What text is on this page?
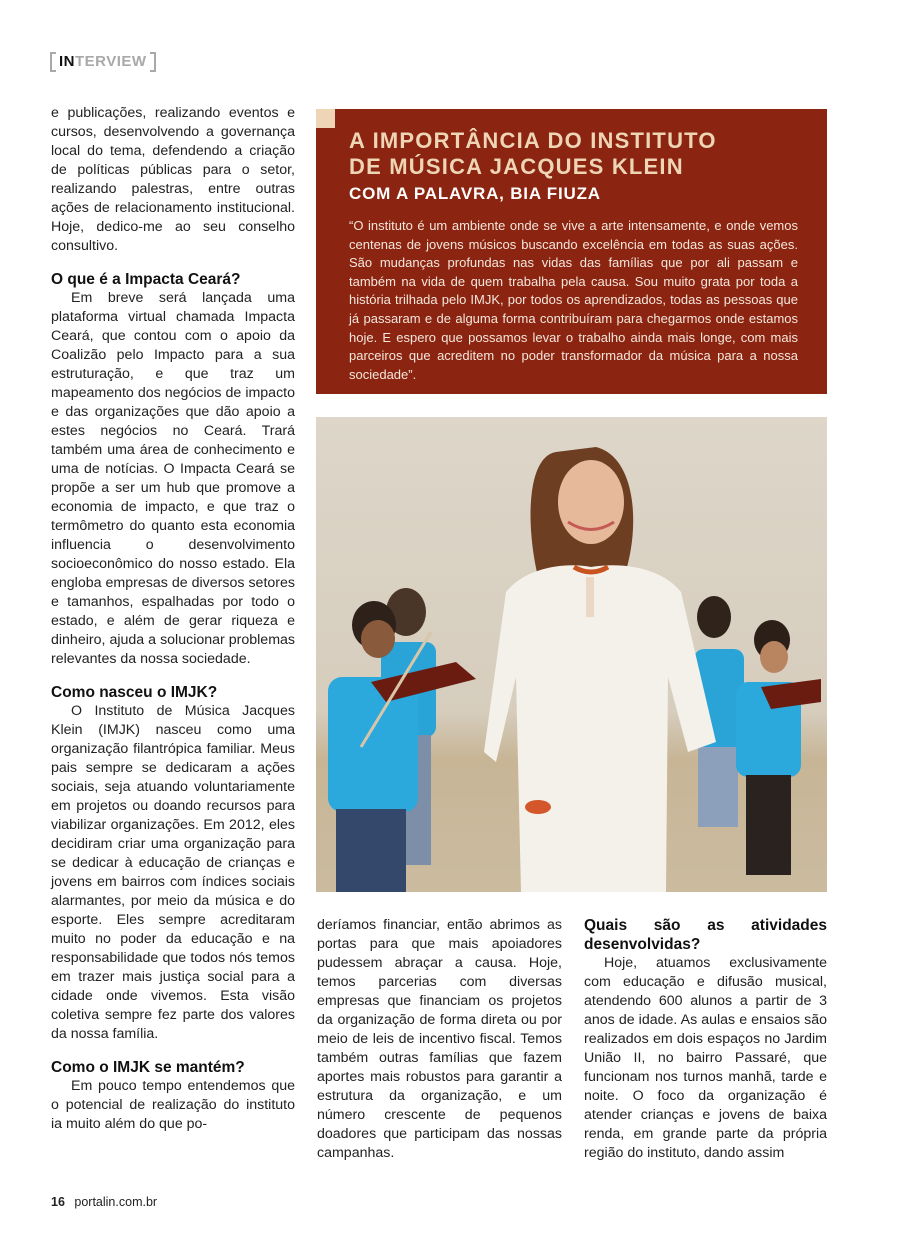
INTERVIEW

e publicações, realizando eventos e cursos, desenvolvendo a governança local do tema, defendendo a criação de políticas públicas para o setor, realizando palestras, entre outras ações de relacionamento institucional. Hoje, dedico-me ao seu conselho consultivo.

O que é a Impacta Ceará?

Em breve será lançada uma plataforma virtual chamada Impacta Ceará, que contou com o apoio da Coalizão pelo Impacto para a sua estruturação, e que traz um mapeamento dos negócios de impacto e das organizações que dão apoio a estes negócios no Ceará. Trará também uma área de conhecimento e uma de notícias. O Impacta Ceará se propõe a ser um hub que promove a economia de impacto, e que traz o termômetro do quanto esta economia influencia o desenvolvimento socioeconômico do nosso estado. Ela engloba empresas de diversos setores e tamanhos, espalhadas por todo o estado, e além de gerar riqueza e dinheiro, ajuda a solucionar problemas relevantes da nossa sociedade.

Como nasceu o IMJK?

O Instituto de Música Jacques Klein (IMJK) nasceu como uma organização filantrópica familiar. Meus pais sempre se dedicaram a ações sociais, seja atuando voluntariamente em projetos ou doando recursos para viabilizar organizações. Em 2012, eles decidiram criar uma organização para se dedicar à educação de crianças e jovens em bairros com índices sociais alarmantes, por meio da música e do esporte. Eles sempre acreditaram muito no poder da educação e na responsabilidade que todos nós temos em trazer mais justiça social para a cidade onde vivemos. Esta visão coletiva sempre fez parte dos valores da nossa família.

Como o IMJK se mantém?

Em pouco tempo entendemos que o potencial de realização do instituto ia muito além do que po-

A IMPORTÂNCIA DO INSTITUTO
DE MÚSICA JACQUES KLEIN
COM A PALAVRA, BIA FIUZA
“O instituto é um ambiente onde se vive a arte intensamente, e onde vemos centenas de jovens músicos buscando excelência em todas as suas ações. São mudanças profundas nas vidas das famílias que por ali passam e também na vida de quem trabalha pela causa. Sou muito grata por toda a história trilhada pelo IMJK, por todos os aprendizados, todas as pessoas que já passaram e de alguma forma contribuíram para chegarmos onde estamos hoje. E espero que possamos levar o trabalho ainda mais longe, com mais parceiros que acreditem no poder transformador da música para a nossa sociedade”.

deríamos financiar, então abrimos as portas para que mais apoiadores pudessem abraçar a causa. Hoje, temos parcerias com diversas empresas que financiam os projetos da organização de forma direta ou por meio de leis de incentivo fiscal. Temos também outras famílias que fazem aportes mais robustos para garantir a estrutura da organização, e um número crescente de pequenos doadores que participam das nossas campanhas.

Quais são as atividades desenvolvidas?

Hoje, atuamos exclusivamente com educação e difusão musical, atendendo 600 alunos a partir de 3 anos de idade. As aulas e ensaios são realizados em dois espaços no Jardim União II, no bairro Passaré, que funcionam nos turnos manhã, tarde e noite. O foco da organização é atender crianças e jovens de baixa renda, em grande parte da própria região do instituto, dando assim

16 portalin.com.br
